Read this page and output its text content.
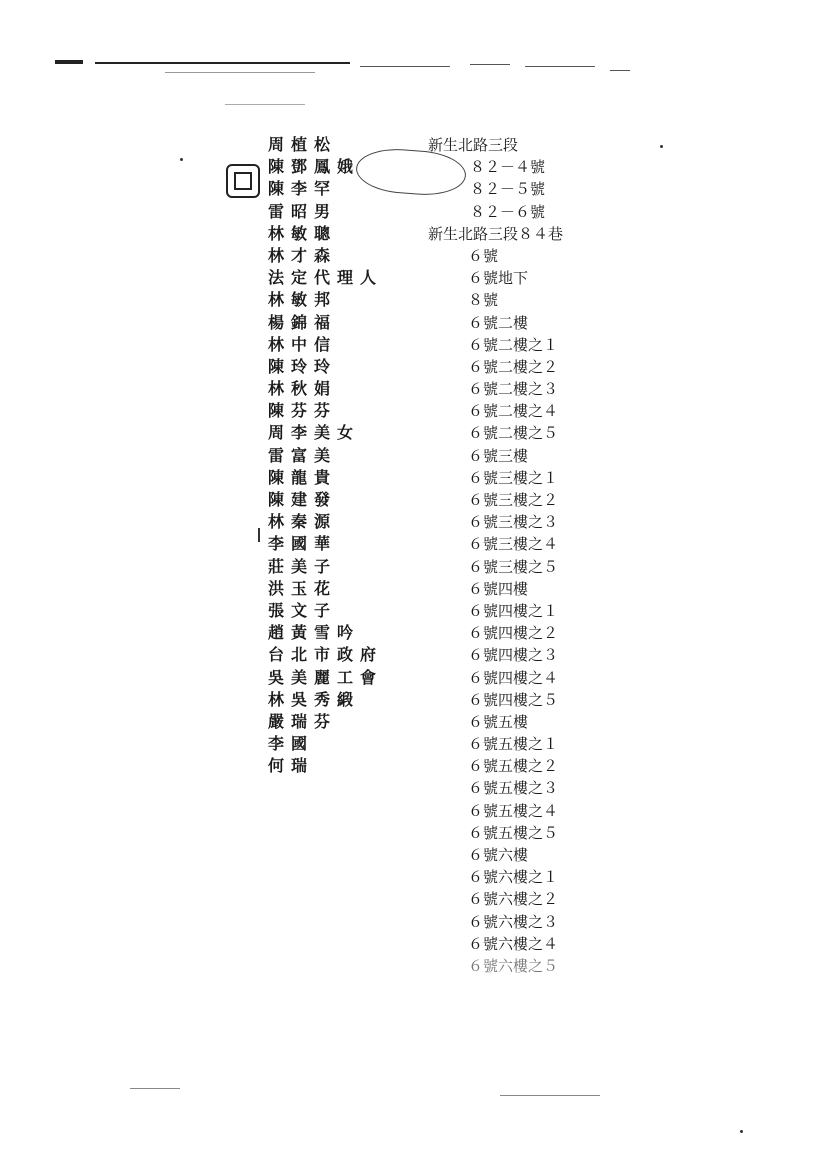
周植松
陳鄧鳳娥
陳李罕
雷昭男
林敏聰
林才森
法定代理人
林敏邦
楊錦福
林中信
陳玲玲
林秋娟
陳芬芬
周李美女
雷富美
陳龍貴
陳建發
林秦源
李國華
莊美子
洪玉花
張文子
趙黃雪吟
台北市政府
吳美麗工會
林吳秀緞
嚴瑞芬
李國
何瑞
新生北路三段
８２－４號
８２－５號
８２－６號
新生北路三段８４巷
６號
６號地下
８號
６號二樓
６號二樓之１
６號二樓之２
６號二樓之３
６號二樓之４
６號二樓之５
６號三樓
６號三樓之１
６號三樓之２
６號三樓之３
６號三樓之４
６號三樓之５
６號四樓
６號四樓之１
６號四樓之２
６號四樓之３
６號四樓之４
６號四樓之５
６號五樓
６號五樓之１
６號五樓之２
６號五樓之３
６號五樓之４
６號五樓之５
６號六樓
６號六樓之１
６號六樓之２
６號六樓之３
６號六樓之４
６號六樓之５
